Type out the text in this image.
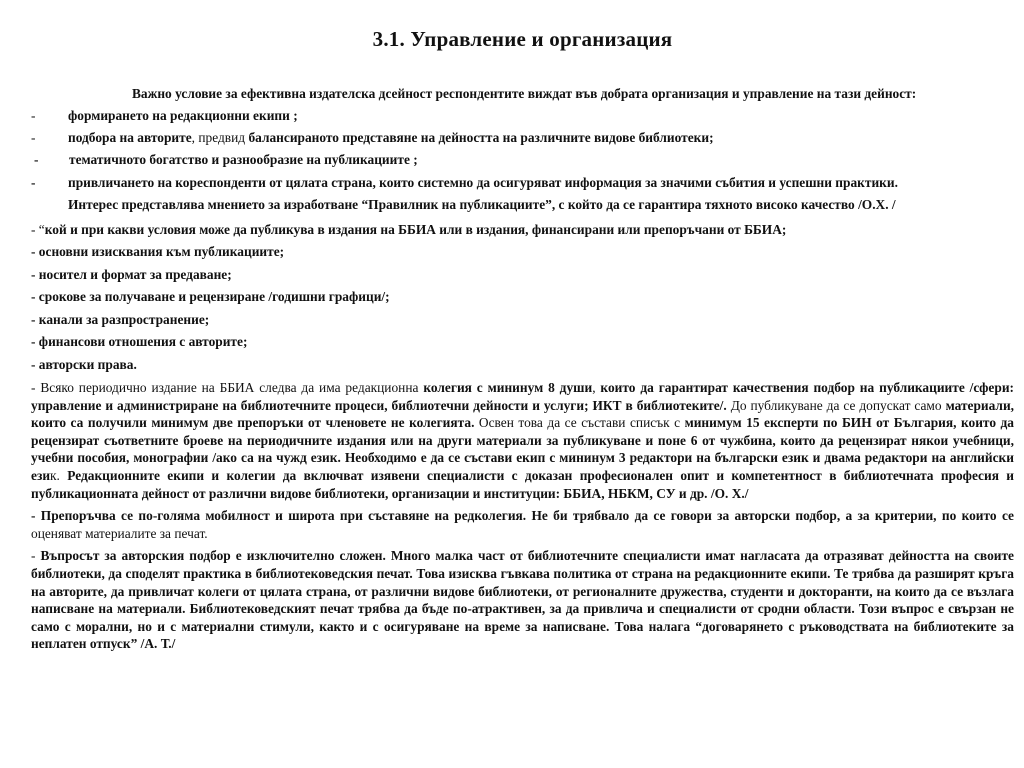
3.1. Управление и организация

Важно условие за ефективна издателска дсейност респондентите виждат във добрата организация и управление на тази дейност:

-	формирането на редакционни екипи ;
-	подбора на авторите, предвид балансираното представяне на дейността на различните видове библиотеки;
-	тематичното богатство и разнообразие на публикациите ;
-	привличането на кореспонденти от цялата страна, които системно да осигуряват информация за значими събития и успешни практики.

Интерес представлява мнението за изработване “Правилник на публикациите”, с който да се гарантира тяхното високо качество /О.Х. /

- “кой и при какви условия може да публикува в издания на ББИА или в издания, финансирани или препоръчани от ББИА;

- основни изисквания към публикациите;

- носител и формат за предаване;

- срокове за получаване и рецензиране /годишни графици/;

- канали за разпространение;

- финансови отношения с авторите;

- авторски права.

- Всяко периодично издание на ББИА следва да има редакционна колегия с мининум 8 души, които да гарантират качествения подбор на публикациите /сфери: управление и администриране на библиотечните процеси, библиотечни дейности и услуги; ИКТ в библиотеките/. До публикуване да се допускат само материали, които са получили минимум две препоръки от членовете не колегията. Освен това да се състави списък с минимум 15 експерти по БИН от България, които да рецензират съответните броеве на периодичните издания или на други материали за публикуване и поне 6 от чужбина, които да рецензират някои учебници, учебни пособия, монографии /ако са на чужд език. Необходимо е да се състави екип с мининум 3 редактори на български език и двама редактори на английски език. Редакционните екипи и колегии да включват изявени специалисти с доказан професионален опит и компетентност в библиотечната професия и публикационната дейност от различни видове библиотеки, организации и институции: ББИА, НБКМ, СУ и др. /О. Х./

- Препоръчва се по-голяма мобилност и широта при съставяне на редколегия. Не би трябвало да се говори за авторски подбор, а за критерии, по които се оценяват материалите за печат.

- Въпросът за авторския подбор е изключително сложен. Много малка част от библиотечните специалисти имат нагласата да отразяват дейността на своите библиотеки, да споделят практика в библиотековедския печат. Това изисква гъвкава политика от страна на редакционните екипи. Те трябва да разширят кръга на авторите, да привличат колеги от цялата страна, от различни видове библиотеки, от регионалните дружества, студенти и докторанти, на които да се възлага написване на материали. Библиотековедският печат трябва да бъде по-атрактивен, за да привлича и специалисти от сродни области. Този въпрос е свързан не само с морални, но и с материални стимули, както и с осигуряване на време за написване. Това налага “договарянето с ръководствата на библиотеките за неплатен отпуск” /А. Т./
